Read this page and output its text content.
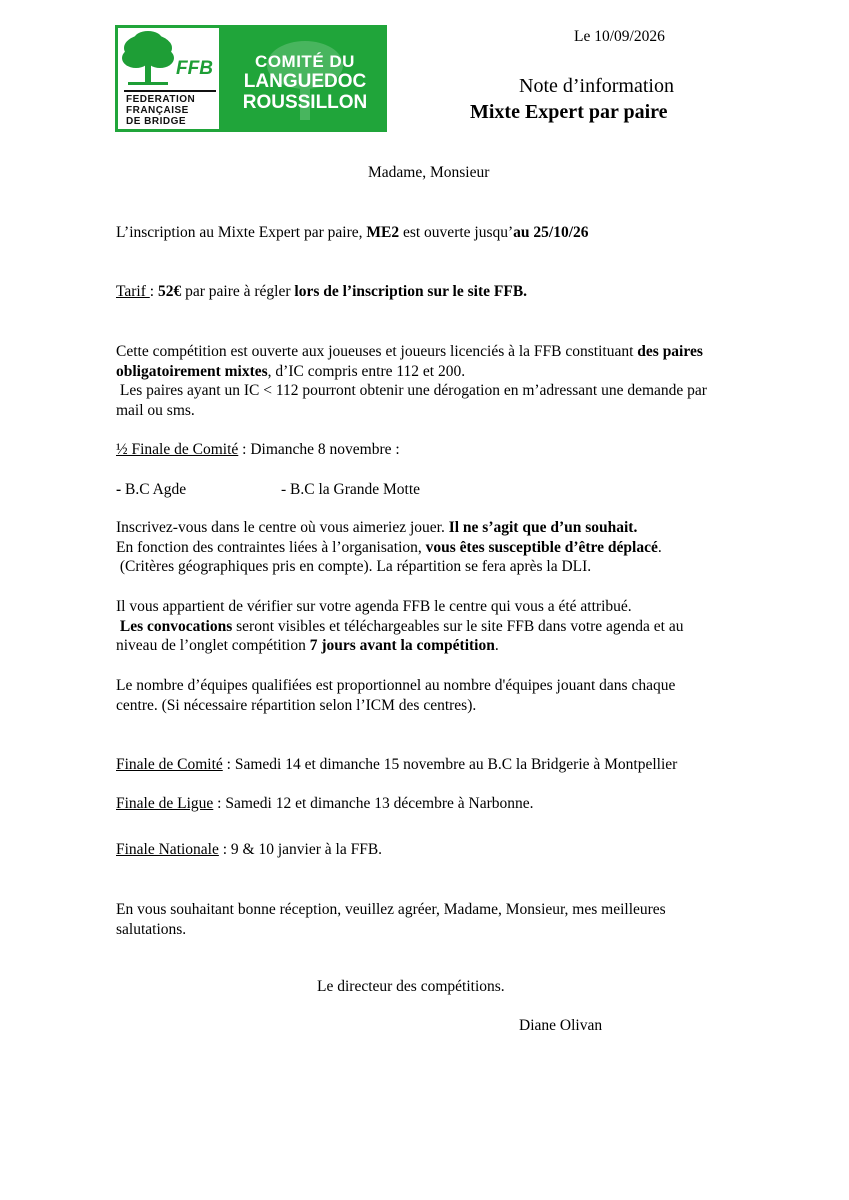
FFB
FEDERATION
FRANÇAISE
DE BRIDGE
COMITÉ DU
LANGUEDOC
ROUSSILLON
Le 10/09/2026
Note d’information
Mixte Expert par paire
Madame, Monsieur
L’inscription au Mixte Expert par paire, ME2 est ouverte jusqu’au 25/10/26
Tarif : 52€ par paire à régler lors de l’inscription sur le site FFB.
Cette compétition est ouverte aux joueuses et joueurs licenciés à la FFB constituant des paires
obligatoirement mixtes, d’IC compris entre 112 et 200.
Les paires ayant un IC < 112 pourront obtenir une dérogation en m’adressant une demande par
mail ou sms.
½ Finale de Comité : Dimanche 8 novembre :
- B.C Agde	- B.C la Grande Motte
Inscrivez-vous dans le centre où vous aimeriez jouer. Il ne s’agit que d’un souhait.
En fonction des contraintes liées à l’organisation, vous êtes susceptible d’être déplacé.
(Critères géographiques pris en compte). La répartition se fera après la DLI.
Il vous appartient de vérifier sur votre agenda FFB le centre qui vous a été attribué.
Les convocations seront visibles et téléchargeables sur le site FFB dans votre agenda et au
niveau de l’onglet compétition 7 jours avant la compétition.
Le nombre d’équipes qualifiées est proportionnel au nombre d'équipes jouant dans chaque
centre. (Si nécessaire répartition selon l’ICM des centres).
Finale de Comité : Samedi 14 et dimanche 15 novembre au B.C la Bridgerie à Montpellier
Finale de Ligue : Samedi 12 et dimanche 13 décembre à Narbonne.
Finale Nationale : 9 & 10 janvier à la FFB.
En vous souhaitant bonne réception, veuillez agréer, Madame, Monsieur, mes meilleures
salutations.
Le directeur des compétitions.
Diane Olivan
